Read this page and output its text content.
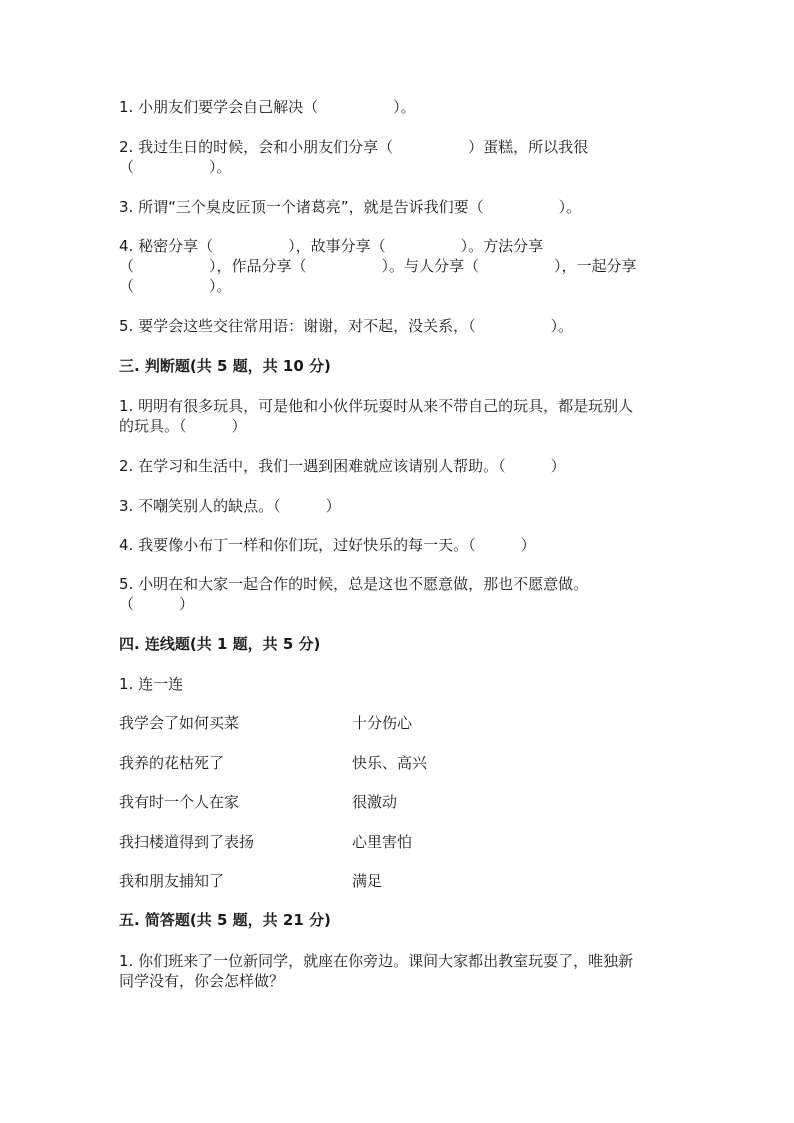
1. 小朋友们要学会自己解决（　　　　　）。
2. 我过生日的时候，会和小朋友们分享（　　　　　）蛋糕，所以我很
（　　　　　）。
3. 所谓“三个臭皮匠顶一个诸葛亮”，就是告诉我们要（　　　　　）。
4. 秘密分享（　　　　　），故事分享（　　　　　）。方法分享
（　　　　　），作品分享（　　　　　）。与人分享（　　　　　），一起分享
（　　　　　）。
5. 要学会这些交往常用语：谢谢，对不起，没关系，（　　　　　）。
三. 判断题(共 5 题，共 10 分)
1. 明明有很多玩具，可是他和小伙伴玩耍时从来不带自己的玩具，都是玩别人
的玩具。（　　　）
2. 在学习和生活中，我们一遇到困难就应该请别人帮助。（　　　）
3. 不嘲笑别人的缺点。（　　　）
4. 我要像小布丁一样和你们玩，过好快乐的每一天。（　　　）
5. 小明在和大家一起合作的时候，总是这也不愿意做，那也不愿意做。
（　　　）
四. 连线题(共 1 题，共 5 分)
1. 连一连
我学会了如何买菜	十分伤心
我养的花枯死了	快乐、高兴
我有时一个人在家	很激动
我扫楼道得到了表扬	心里害怕
我和朋友捕知了	满足
五. 简答题(共 5 题，共 21 分)
1. 你们班来了一位新同学，就座在你旁边。课间大家都出教室玩耍了，唯独新
同学没有，你会怎样做？
